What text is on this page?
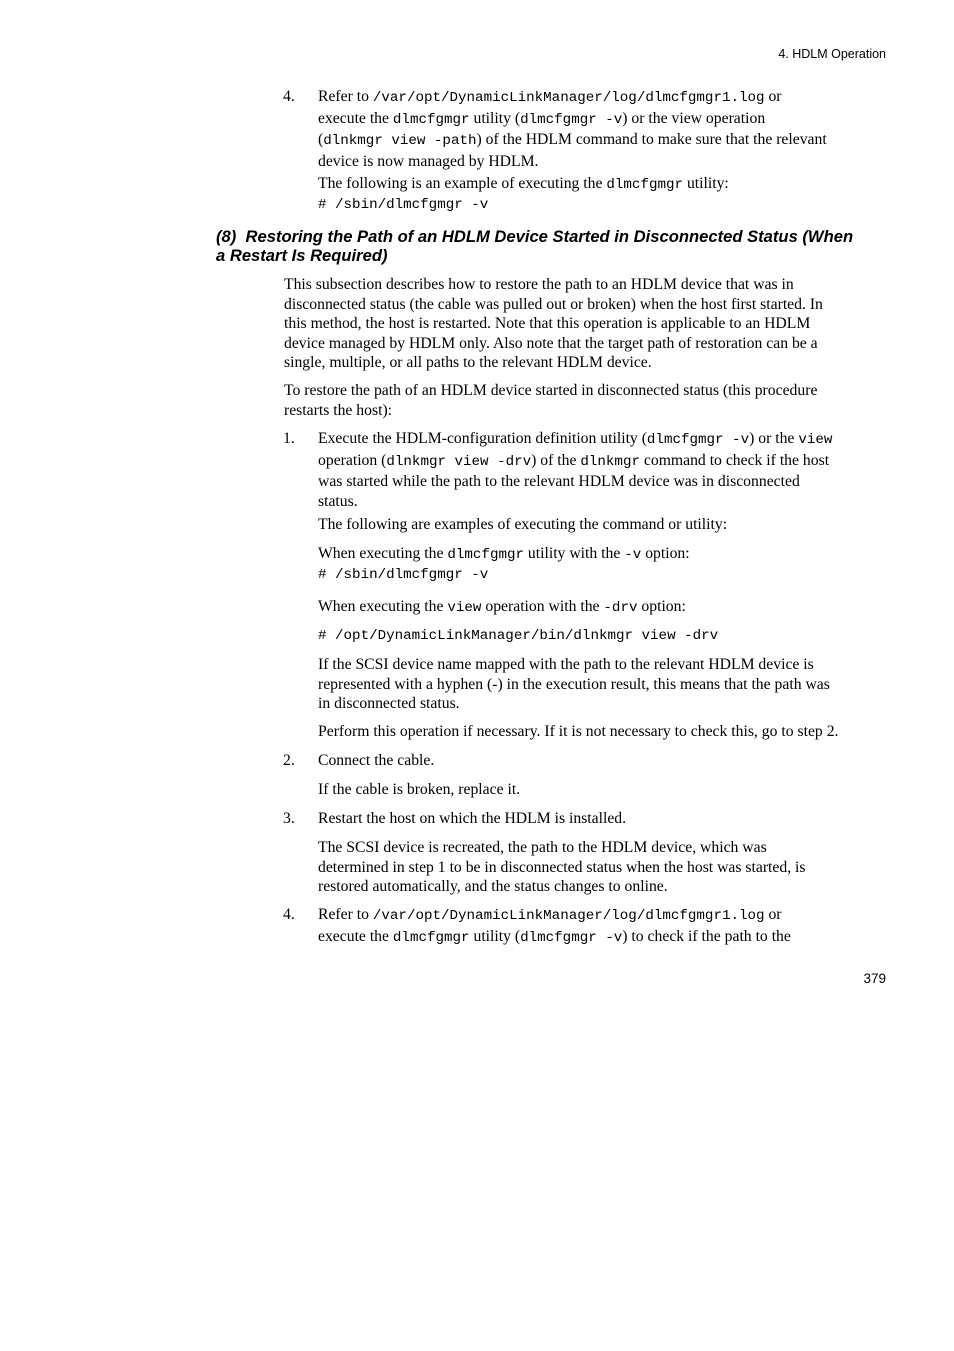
4. HDLM Operation
4. Refer to /var/opt/DynamicLinkManager/log/dlmcfgmgr1.log or
execute the dlmcfgmgr utility (dlmcfgmgr -v) or the view operation
(dlnkmgr view -path) of the HDLM command to make sure that the relevant
device is now managed by HDLM.
The following is an example of executing the dlmcfgmgr utility:
# /sbin/dlmcfgmgr -v
(8)  Restoring the Path of an HDLM Device Started in Disconnected Status (When
a Restart Is Required)
This subsection describes how to restore the path to an HDLM device that was in
disconnected status (the cable was pulled out or broken) when the host first started. In
this method, the host is restarted. Note that this operation is applicable to an HDLM
device managed by HDLM only. Also note that the target path of restoration can be a
single, multiple, or all paths to the relevant HDLM device.
To restore the path of an HDLM device started in disconnected status (this procedure
restarts the host):
1. Execute the HDLM-configuration definition utility (dlmcfgmgr -v) or the view
operation (dlnkmgr view -drv) of the dlnkmgr command to check if the host
was started while the path to the relevant HDLM device was in disconnected
status.
The following are examples of executing the command or utility:
When executing the dlmcfgmgr utility with the -v option:
# /sbin/dlmcfgmgr -v
When executing the view operation with the -drv option:
# /opt/DynamicLinkManager/bin/dlnkmgr view -drv
If the SCSI device name mapped with the path to the relevant HDLM device is
represented with a hyphen (-) in the execution result, this means that the path was
in disconnected status.
Perform this operation if necessary. If it is not necessary to check this, go to step 2.
2. Connect the cable.
If the cable is broken, replace it.
3. Restart the host on which the HDLM is installed.
The SCSI device is recreated, the path to the HDLM device, which was
determined in step 1 to be in disconnected status when the host was started, is
restored automatically, and the status changes to online.
4. Refer to /var/opt/DynamicLinkManager/log/dlmcfgmgr1.log or
execute the dlmcfgmgr utility (dlmcfgmgr -v) to check if the path to the
379
